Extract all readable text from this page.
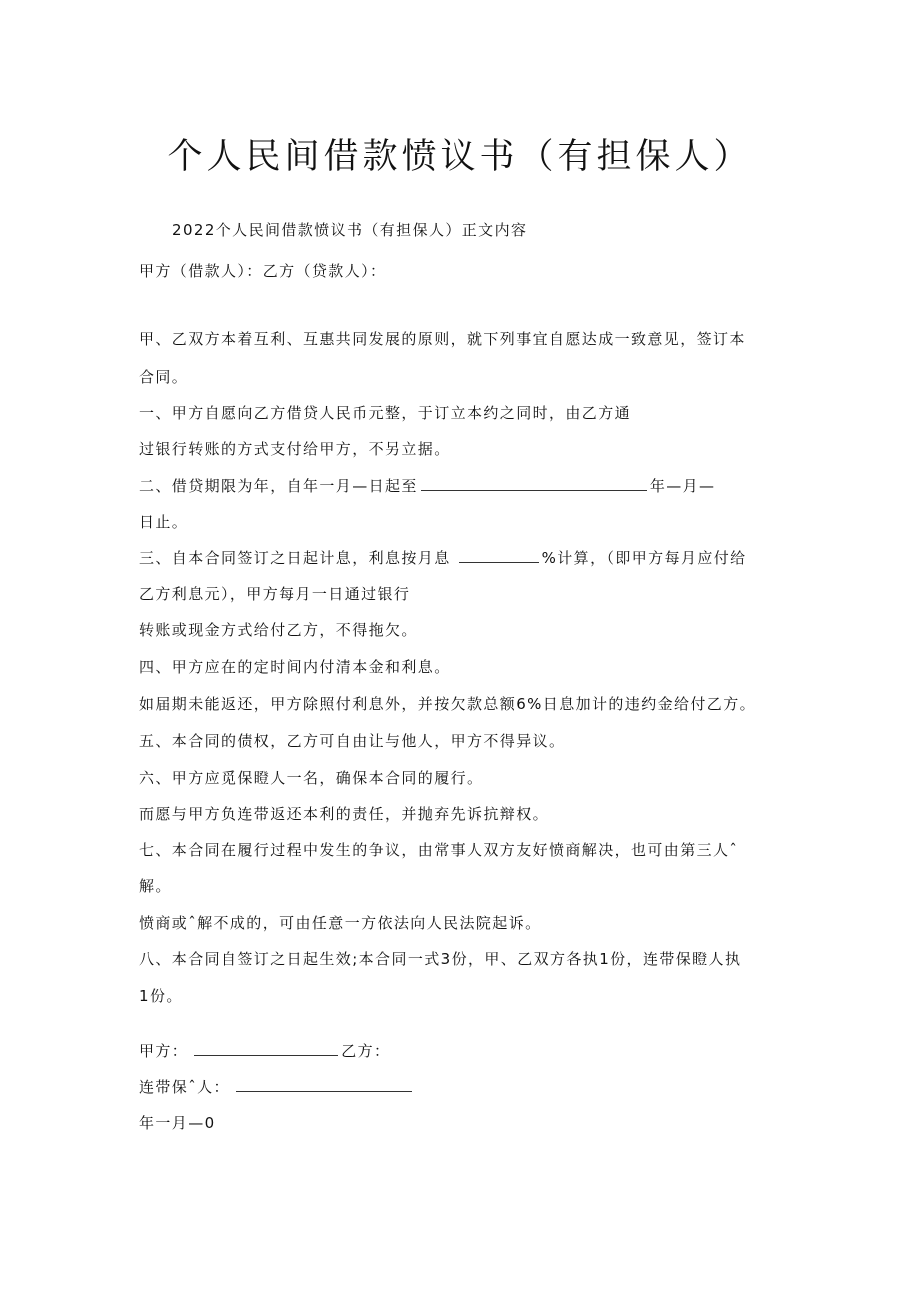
个人民间借款愤议书（有担保人）
2022个人民间借款愤议书（有担保人）正文内容
甲方（借款人）：乙方（贷款人）：
甲、乙双方本着互利、互惠共同发展的原则，就下列事宜自愿达成一致意见，签订本
合同。
一、甲方自愿向乙方借贷人民币元整，于订立本约之同时，由乙方通
过银行转账的方式支付给甲方，不另立据。
二、借贷期限为年，自年一月—日起至	年—月—
日止。
三、自本合同签订之日起计息，利息按月息	%计算，（即甲方每月应付给
乙方利息元），甲方每月一日通过银行
转账或现金方式给付乙方，不得拖欠。
四、甲方应在的定时间内付清本金和利息。
如届期未能返还，甲方除照付利息外，并按欠款总额6%日息加计的违约金给付乙方。
五、本合同的债权，乙方可自由让与他人，甲方不得异议。
六、甲方应觅保瞪人一名，确保本合同的履行。
而愿与甲方负连带返还本利的责任，并抛弃先诉抗辩权。
七、本合同在履行过程中发生的争议，由常事人双方友好愤商解决，也可由第三人ˆ
解。
愤商或ˆ解不成的，可由任意一方依法向人民法院起诉。
八、本合同自签订之日起生效;本合同一式3份，甲、乙双方各执1份，连带保瞪人执
1份。
甲方：	乙方：
连带保ˆ人：
年一月—0
